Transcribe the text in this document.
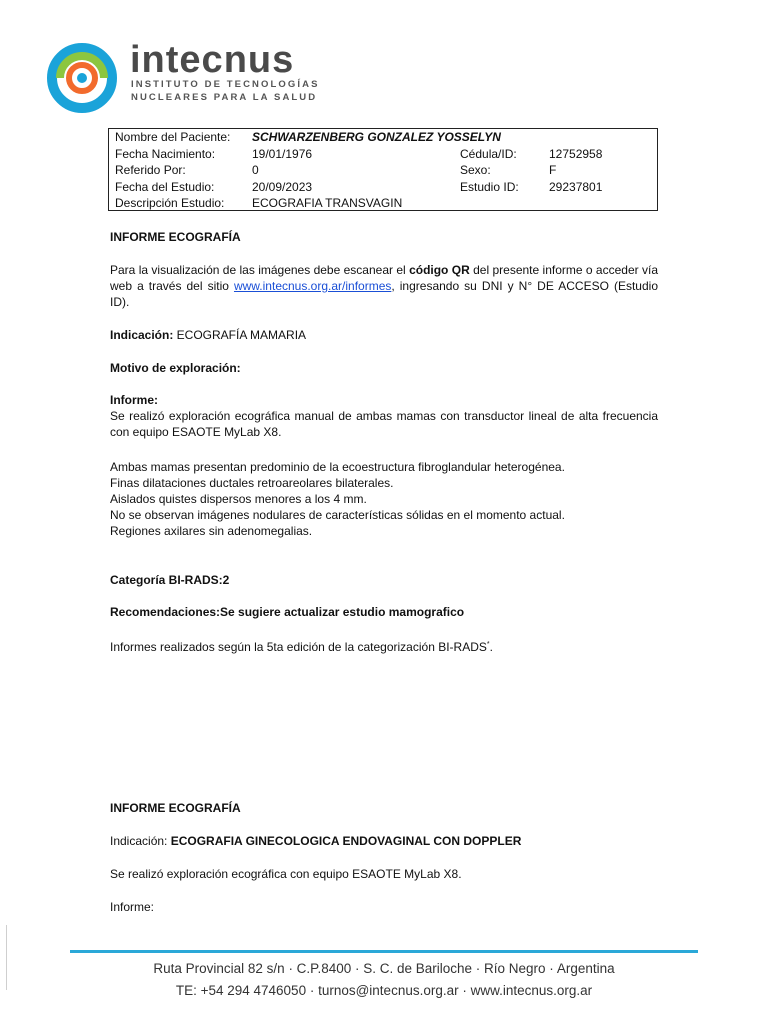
intecnus
INSTITUTO DE TECNOLOGÍAS
NUCLEARES PARA LA SALUD
Nombre del Paciente: SCHWARZENBERG GONZALEZ YOSSELYN
Fecha Nacimiento:	19/01/1976	Cédula/ID:	12752958
Referido Por:	0	Sexo:	F
Fecha del Estudio:	20/09/2023	Estudio ID:	29237801
Descripción Estudio: ECOGRAFIA TRANSVAGIN
INFORME ECOGRAFÍA
Para la visualización de las imágenes debe escanear el código QR del presente informe o acceder vía web a través del sitio www.intecnus.org.ar/informes, ingresando su DNI y N° DE ACCESO (Estudio ID).
Indicación: ECOGRAFÍA MAMARIA
Motivo de exploración:
Informe:
Se realizó exploración ecográfica manual de ambas mamas con transductor lineal de alta frecuencia con equipo ESAOTE MyLab X8.
Ambas mamas presentan predominio de la ecoestructura fibroglandular heterogénea.
Finas dilataciones ductales retroareolares bilaterales.
Aislados quistes dispersos menores a los 4 mm.
No se observan imágenes nodulares de características sólidas en el momento actual.
Regiones axilares sin adenomegalias.
Categoría BI-RADS:2
Recomendaciones:Se sugiere actualizar estudio mamografico
Informes realizados según la 5ta edición de la categorización BI-RADS*.
INFORME ECOGRAFÍA
Indicación: ECOGRAFIA GINECOLOGICA ENDOVAGINAL CON DOPPLER
Se realizó exploración ecográfica con equipo ESAOTE MyLab X8.
Informe:
Ruta Provincial 82 s/n · C.P.8400 · S. C. de Bariloche · Río Negro · Argentina
TE: +54 294 4746050 · turnos@intecnus.org.ar · www.intecnus.org.ar
